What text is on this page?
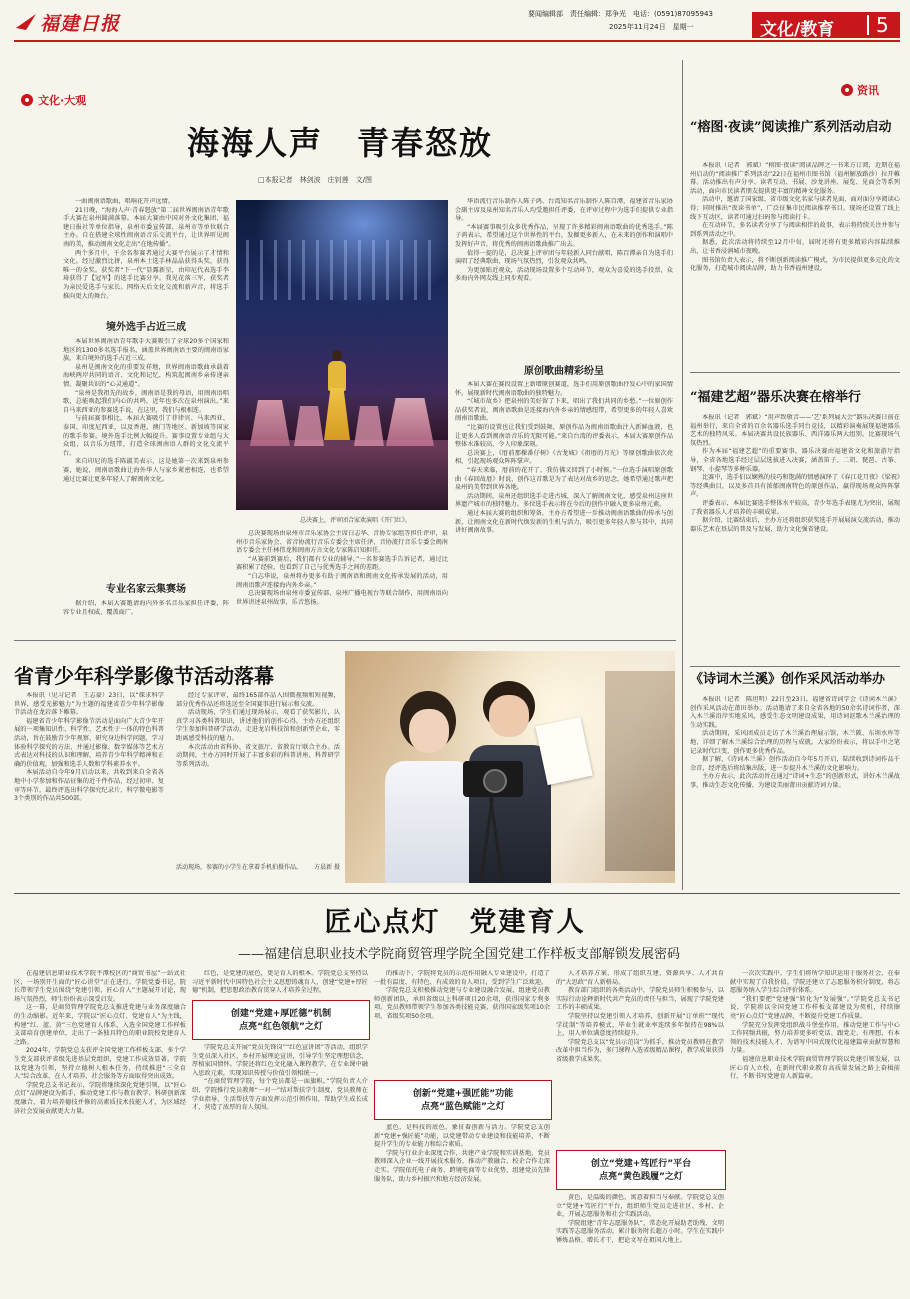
福建日报	要闻编辑部　责任编辑：郑争光　电话：(0591)87095943
2025年11月24日　星期一	文化/教育 5
文化·大观
海海人声　青春怒放
□本报记者　林剑波　庄钊莲　文/图

一曲闽南语歌曲，唱响花开声远情。

21日晚，“海海人声·青春怒放”第二届世界闽南语青年歌手大赛在泉州圆满落幕。本届大赛由中国对外文化集团、福建日报社等单位指导，泉州市委宣传部、泉州市等单位联合主办。自在搭建全球性闽南语音乐交流平台，让世界听见闽南的美，推动闽南文化走出“在地传播”。

两个多月中，千余名参赛者通过大赛平台展示了才情和文化。经过激烈比拼，泉州本土选手林晶晶获得头奖，获得唯一的金奖。获奖者“下一代”显露新星，由印尼代表选手李琦获得了【冠军】的选手比赛分享。我见花落三军，获奖者为亲民爱选手与家长。网络天后文化交流和新声音，将选手推向更大的舞台。

境外选手占近三成

本届世界闽南语青年歌手大赛吸引了全球20多个国家和地区的1300多名选手报名，涵盖世界闽南语主要的闽南语家族，来自境外的选手占近三成。

泉州是闽南文化的重要发祥地，世界闽南语歌曲承载着海峡两岸共同的语言、文化和记忆，构筑起闽南乡亲传递亲情、凝聚共识的“心灵通道”。

“泉州是我祖先的故乡，闽南语是我的母语，用闽南语唱歌，总能唤起我们内心的共鸣，近年也多次在泉州演出。”来自马来西亚的参赛选手说，在这里，我们与根相连。

与前届赛事相比，本届大赛吸引了菲律宾、马来西亚、泰国、印度尼西亚，以及香港、澳门等地区、新加坡等国家的歌手参赛，境外选手比例大幅提升。赛事设置专业组与大众组，以音乐为纽带，打造全球闽南语人群的文化交流平台。

来自印尼的选手陈淑美表示，这是她第一次来到泉州参赛，她说，闽南语歌曲让海外华人与家乡紧密相连，也希望通过比赛让更多年轻人了解闽南文化。

专业名家云集赛场

据介绍，本届大赛邀请海内外多名音乐家担任评委，阵容专业且权威，覆盖面广。

总决赛上，评审团合家欢演唱《开门红》。

华语流行音乐制作人陈子鸿、台湾知名音乐制作人陈百潭、福建省音乐家协会副主席及泉州知名音乐人均受邀担任评委，在评审过程中为选手们提供专业指导。

“本届赛事吸引众多优秀作品，呈现了许多精彩闽南语歌曲的优秀选手。”陈子鸿表示，希望通过这个世界性的平台，发掘更多新人，在未来的创作和演唱中发挥好声音，将优秀的闽南语歌曲推广出去。

值得一提的是，总决赛上评审团与年轻新人同台献唱，陈百潭亲自为选手们演唱了经典歌曲，现场气氛热烈，引发观众共鸣。

为更加贴近观众，活动现场设置多个互动环节，观众为喜爱的选手投票，众多海内外网友线上同步观看。

原创歌曲精彩纷呈

本届大赛在赛段设置上新增原创赛道，选手们用原创歌曲抒发心中的家国情怀，展现新时代闽南语歌曲的独特魅力。

“《城市故乡》把泉州的美好留了下来，唱出了我们共同的乡愁。”一位原创作品获奖者说，闽南语歌曲是连接海内外乡亲的情感纽带，希望更多的年轻人喜欢闽南语歌曲。

“比赛的设置也让我们受到鼓舞，原创作品为闽南语歌曲注入新鲜血液，也让更多人看到闽南语音乐的无限可能。”来自台湾的评委表示，本届大赛原创作品整体水准较高，令人印象深刻。

总决赛上，《厝前那棵番仔树》《古龙城》《祖厝的月光》等原创歌曲依次亮相，引起现场观众阵阵掌声。

“春天来临，厝前的花开了，我仿佛又回到了小时候。”一位选手演唱原创歌曲《春回故厝》时说，创作这首歌是为了表达对故乡的思念，她希望通过歌声把泉州的美带到世界各地。

活动期间，泉州还组织选手走进古城，深入了解闽南文化，感受泉州这座世界遗产城市的独特魅力。多位选手表示将在今后的创作中融入更多泉州元素。

通过本届大赛的组织和筹备，主办方希望进一步推动闽南语歌曲的传承与创新，让闽南文化在新时代焕发新的生机与活力，吸引更多年轻人参与其中，共同讲好闽南故事。

总决赛现场由泉州市音乐家协会主席白志华、音协专家组等担任评审，泉州市音乐家协会、省音协流行音乐专委会主席任泽、音协流行音乐专委会闽南语专委会主任林伟龙和闽南方言文化专家陈启知担任。

“从赛前到赛后，我们都有专业的辅导。”一名参赛选手告诉记者，通过比赛积累了经验，也看到了自己与优秀选手之间的差距。

“白志华说，泉州将办更多有助于闽南语和闽南文化传承发展的活动，用闽南语歌声连接海内外乡亲。”

总决赛现场由泉州市委宣传部、泉州广播电视台等联合制作，用闽南语向世界讲述泉州故事，乐音悠扬。

省青少年科学影像节活动落幕

本报讯（见习记者　王志豪）23日，以“探求科学世界，感受光影魅力”为主题的福建省青少年科学影像节活动在龙岩落下帷幕。

福建省青少年科学影像节活动是面向广大青少年开展的一项集知识性、科学性、艺术性于一体的特色科普活动，旨在鼓励青少年观察、研究身边科学问题，学习体验科学探究的方法，并通过影像、数字媒体等艺术方式表达对科技的认识和理解，培养青少年科学精神和正确的价值观，加强和选手人数和学科素养水平。

本届活动自今年9月启动以来，共收到来自全省各地中小学参加和作品征集的近千件作品，经过初审、复审等环节，最终评选出科学探究纪录片、科学微电影等3个类别的作品共500部。

经过专家评审，最终165部作品入围微视频和短视频，部分优秀作品还将选送至全国赛事进行展示和交流。

活动现场，学生们通过现场展示，观看了获奖影片，认真学习各类科普知识，讲述他们的创作心得。主办方还组织学生参加科普研学活动，走进龙岩科技馆和创新型企业，零距离感受科技的魅力。

本次活动由省科协、省文旅厅、省教育厅联合主办。活动期间，主办方同时开展了丰富多彩的科普讲座、科普研学等系列活动。

活动现场，参赛的小学生在拿着手机拍摄作品。 方晨新 摄
资讯
“榕图·夜读”阅读推广系列活动启动

本报讯（记者　郭斌）“榕图·夜读”阅读品牌之一书来方订阅，近期在福州启动的“阅读推广系列活动”22日在福州市图书馆（福州解放路沙）拉开帷幕。活动推出有声分享、读者互动、书展、沙龙讲座、展览、见面会等系列活动，面向市民读者朋友提供更丰富的精神文化服务。

活动中，邀请了国家级、省市级文化名家与读者见面，面对面分享阅读心得；同时推出“夜读书单”，广泛征集市民阅读推荐书目。现场还设置了线上线下互动区，读者可通过扫码参与阅读打卡。

在互动环节，多名读者分享了与阅读相伴的故事，表示将持续关注并参与到系列活动之中。

据悉，此次活动将持续至12月中旬，届时还将有更多精彩内容陆续推出，让书香浸润城市夜晚。

图书馆负责人表示，将不断创新阅读推广模式，为市民提供更多元化的文化服务，打造城市阅读品牌，助力书香福州建设。

“福建艺超”器乐决赛在榕举行

本报讯（记者　郭斌）“用声致敬音——‘艺’系列展大会”器乐决赛日前在福州举行，来自全省的百余名器乐选手同台竞技，以精彩演奏展现福建器乐艺术的独特风采。本届决赛共设民族器乐、西洋器乐两大组别，比赛现场气氛热烈。

作为本届“福建艺超”的重要赛事，器乐决赛由福建省文化和旅游厅指导，全省各地选手经过层层选拔进入决赛，涵盖笛子、二胡、琵琶、古筝、钢琴、小提琴等多种乐器。

比赛中，选手们以娴熟的技巧和饱满的情感演绎了《春江花月夜》《梁祝》等经典曲目，以及多首具有浓郁闽南特色的原创作品，赢得现场观众阵阵掌声。

评委表示，本届比赛选手整体水平较高，青少年选手表现尤为突出，展现了我省器乐人才培养的丰硕成果。

据介绍，比赛结束后，主办方还将组织获奖选手开展展演交流活动，推动器乐艺术在基层的普及与发展，助力文化强省建设。

《诗词木兰溪》创作采风活动举办

本报讯（记者　陈坦明）22日至23日，福建省诗词学会《诗词木兰溪》创作采风活动在莆田举办。活动邀请了来自全省各地的50余名诗词作者，深入木兰溪沿岸实地采风，感受生态文明建设成果，用诗词讴歌木兰溪治理的生动实践。

活动期间，采风团成员走访了木兰溪治理展示馆、木兰陂、东圳水库等地，详细了解木兰溪综合治理的历程与成就。大家纷纷表示，将以手中之笔记录时代巨变，创作更多优秀作品。

据了解，《诗词木兰溪》创作活动自今年5月开启，陆续收到诗词作品千余首，经评选后将结集出版，进一步提升木兰溪的文化影响力。

主办方表示，此次活动旨在通过“诗词+生态”的创新形式，讲好木兰溪故事，推动生态文化传播，为建设美丽莆田贡献诗词力量。

匠心点灯　党建育人
——福建信息职业技术学院商贸管理学院全国党建工作样板支部解锁发展密码

在福建信息职业技术学院平潭校区的“商贸书屋”一站式社区，一场别开生面的“匠心讲堂”正在进行。学院党委书记、院长带领学生党员围绕“党建引领、匠心育人”主题展开讨论，现场气氛热烈，师生纷纷表示深受启发。

这一幕，是商贸管理学院党总支推进党建与业务深度融合的生动缩影。近年来，学院以“匠心点灯、党建育人”为主线，构建“红、蓝、黄”三色党建育人体系，入选全国党建工作样板支部培育创建单位，走出了一条独具特色的职业院校党建育人之路。

2024年，学院党总支获评全国党建工作样板支部，多个学生党支部获评省级先进基层党组织，党建工作成效显著。学院以党建为引领，坚持立德树人根本任务，持续推进“三全育人”综合改革，在人才培养、社会服务等方面取得突出成效。

学院党总支书记表示，学院将继续深化党建引领，以“匠心点灯”品牌建设为抓手，推动党建工作与教育教学、科研创新深度融合，着力培养德技并修的高素质技术技能人才，为区域经济社会发展贡献更大力量。

创建“党建+厚匠德”机制
点亮“红色领航”之灯

红色，是党建的底色，更是育人的根本。学院党总支坚持以习近平新时代中国特色社会主义思想铸魂育人，创建“党建+厚匠德”机制，把思想政治教育贯穿人才培养全过程。

学院党总支开展“党员先锋岗”“红色宣讲团”等活动，组织学生党员深入社区、乡村开展理论宣讲，引导学生坚定理想信念，厚植家国情怀。学院还将红色文化融入课程教学，在专业课中融入思政元素，实现知识传授与价值引领相统一。

“在商贸管理学院，每个党员都是一面旗帜。”学院负责人介绍，学院推行党员教师“一对一”结对帮扶学生制度，党员教师在学业指导、生活帮扶等方面发挥示范引领作用，帮助学生成长成才，营造了浓厚的育人氛围。

的推动下，学院将党员的示范作用融入专业建设中，打造了一批有温度、有特色、有成效的育人项目，受到学生广泛欢迎。

学院党总支积极推动党建与专业建设融合发展，组建党员教师创新团队，承担省级以上科研项目20余项，获得国家专利多项。党员教师带领学生参加各类技能竞赛，获得国家级奖项10余项、省级奖项50余项。

创新“党建+强匠能”功能
点亮“蓝色赋能”之灯

蓝色，是科技的底色，象征着创新与活力。学院党总支创新“党建+强匠能”功能，以党建带动专业建设和技能培养，不断提升学生的专业能力和综合素质。

学院与行业企业深度合作，共建产业学院和实训基地，党员教师深入企业一线开展技术服务，推动产教融合、校企合作走深走实。学院依托电子商务、跨境电商等专业优势，组建党员先锋服务队，助力乡村振兴和地方经济发展。

人才培养方案，形成了组织互建、资源共享、人才共育的“大思政”育人新格局。

教育部门组织的各类活动中，学院党员师生积极参与，以实际行动诠释新时代共产党员的责任与担当，展现了学院党建工作的丰硕成果。

学院坚持以党建引领人才培养，创新开展“订单班”“现代学徒制”等培养模式，毕业生就业率连续多年保持在98%以上，用人单位满意度持续提升。

学院党总支以“党员示范岗”为抓手，推动党员教师在教学改革中担当作为，多门课程入选省级精品课程，教学成果获得省级教学成果奖。

创立“党建+笃匠行”平台
点亮“黄色践履”之灯

黄色，是温暖的颜色，寓意着担当与奉献。学院党总支创立“党建+笃匠行”平台，组织师生党员走进社区、乡村、企业，开展志愿服务和社会实践活动。

学院组建“青年志愿服务队”，常态化开展助老助残、文明实践等志愿服务活动，累计服务时长超万小时。学生在实践中锤炼品格、增长才干，把论文写在祖国大地上。

一次次实践中，学生们将所学知识运用于服务社会，在奉献中实现了自我价值。学院还建立了志愿服务积分制度，将志愿服务纳入学生综合评价体系。

“我们要把“党建强”转化为“发展强”。”学院党总支书记说，学院将以全国党建工作样板支部建设为契机，持续擦亮“匠心点灯”党建品牌，不断提升党建工作质量。

学院充分发挥党组织战斗堡垒作用，推动党建工作与中心工作同频共振，努力培养更多听党话、跟党走、有理想、有本领的技术技能人才，为谱写中国式现代化福建篇章贡献智慧和力量。

福建信息职业技术学院商贸管理学院以党建引领发展，以匠心育人立校，在新时代职业教育高质量发展之路上奋楫前行，不断书写党建育人新篇章。
